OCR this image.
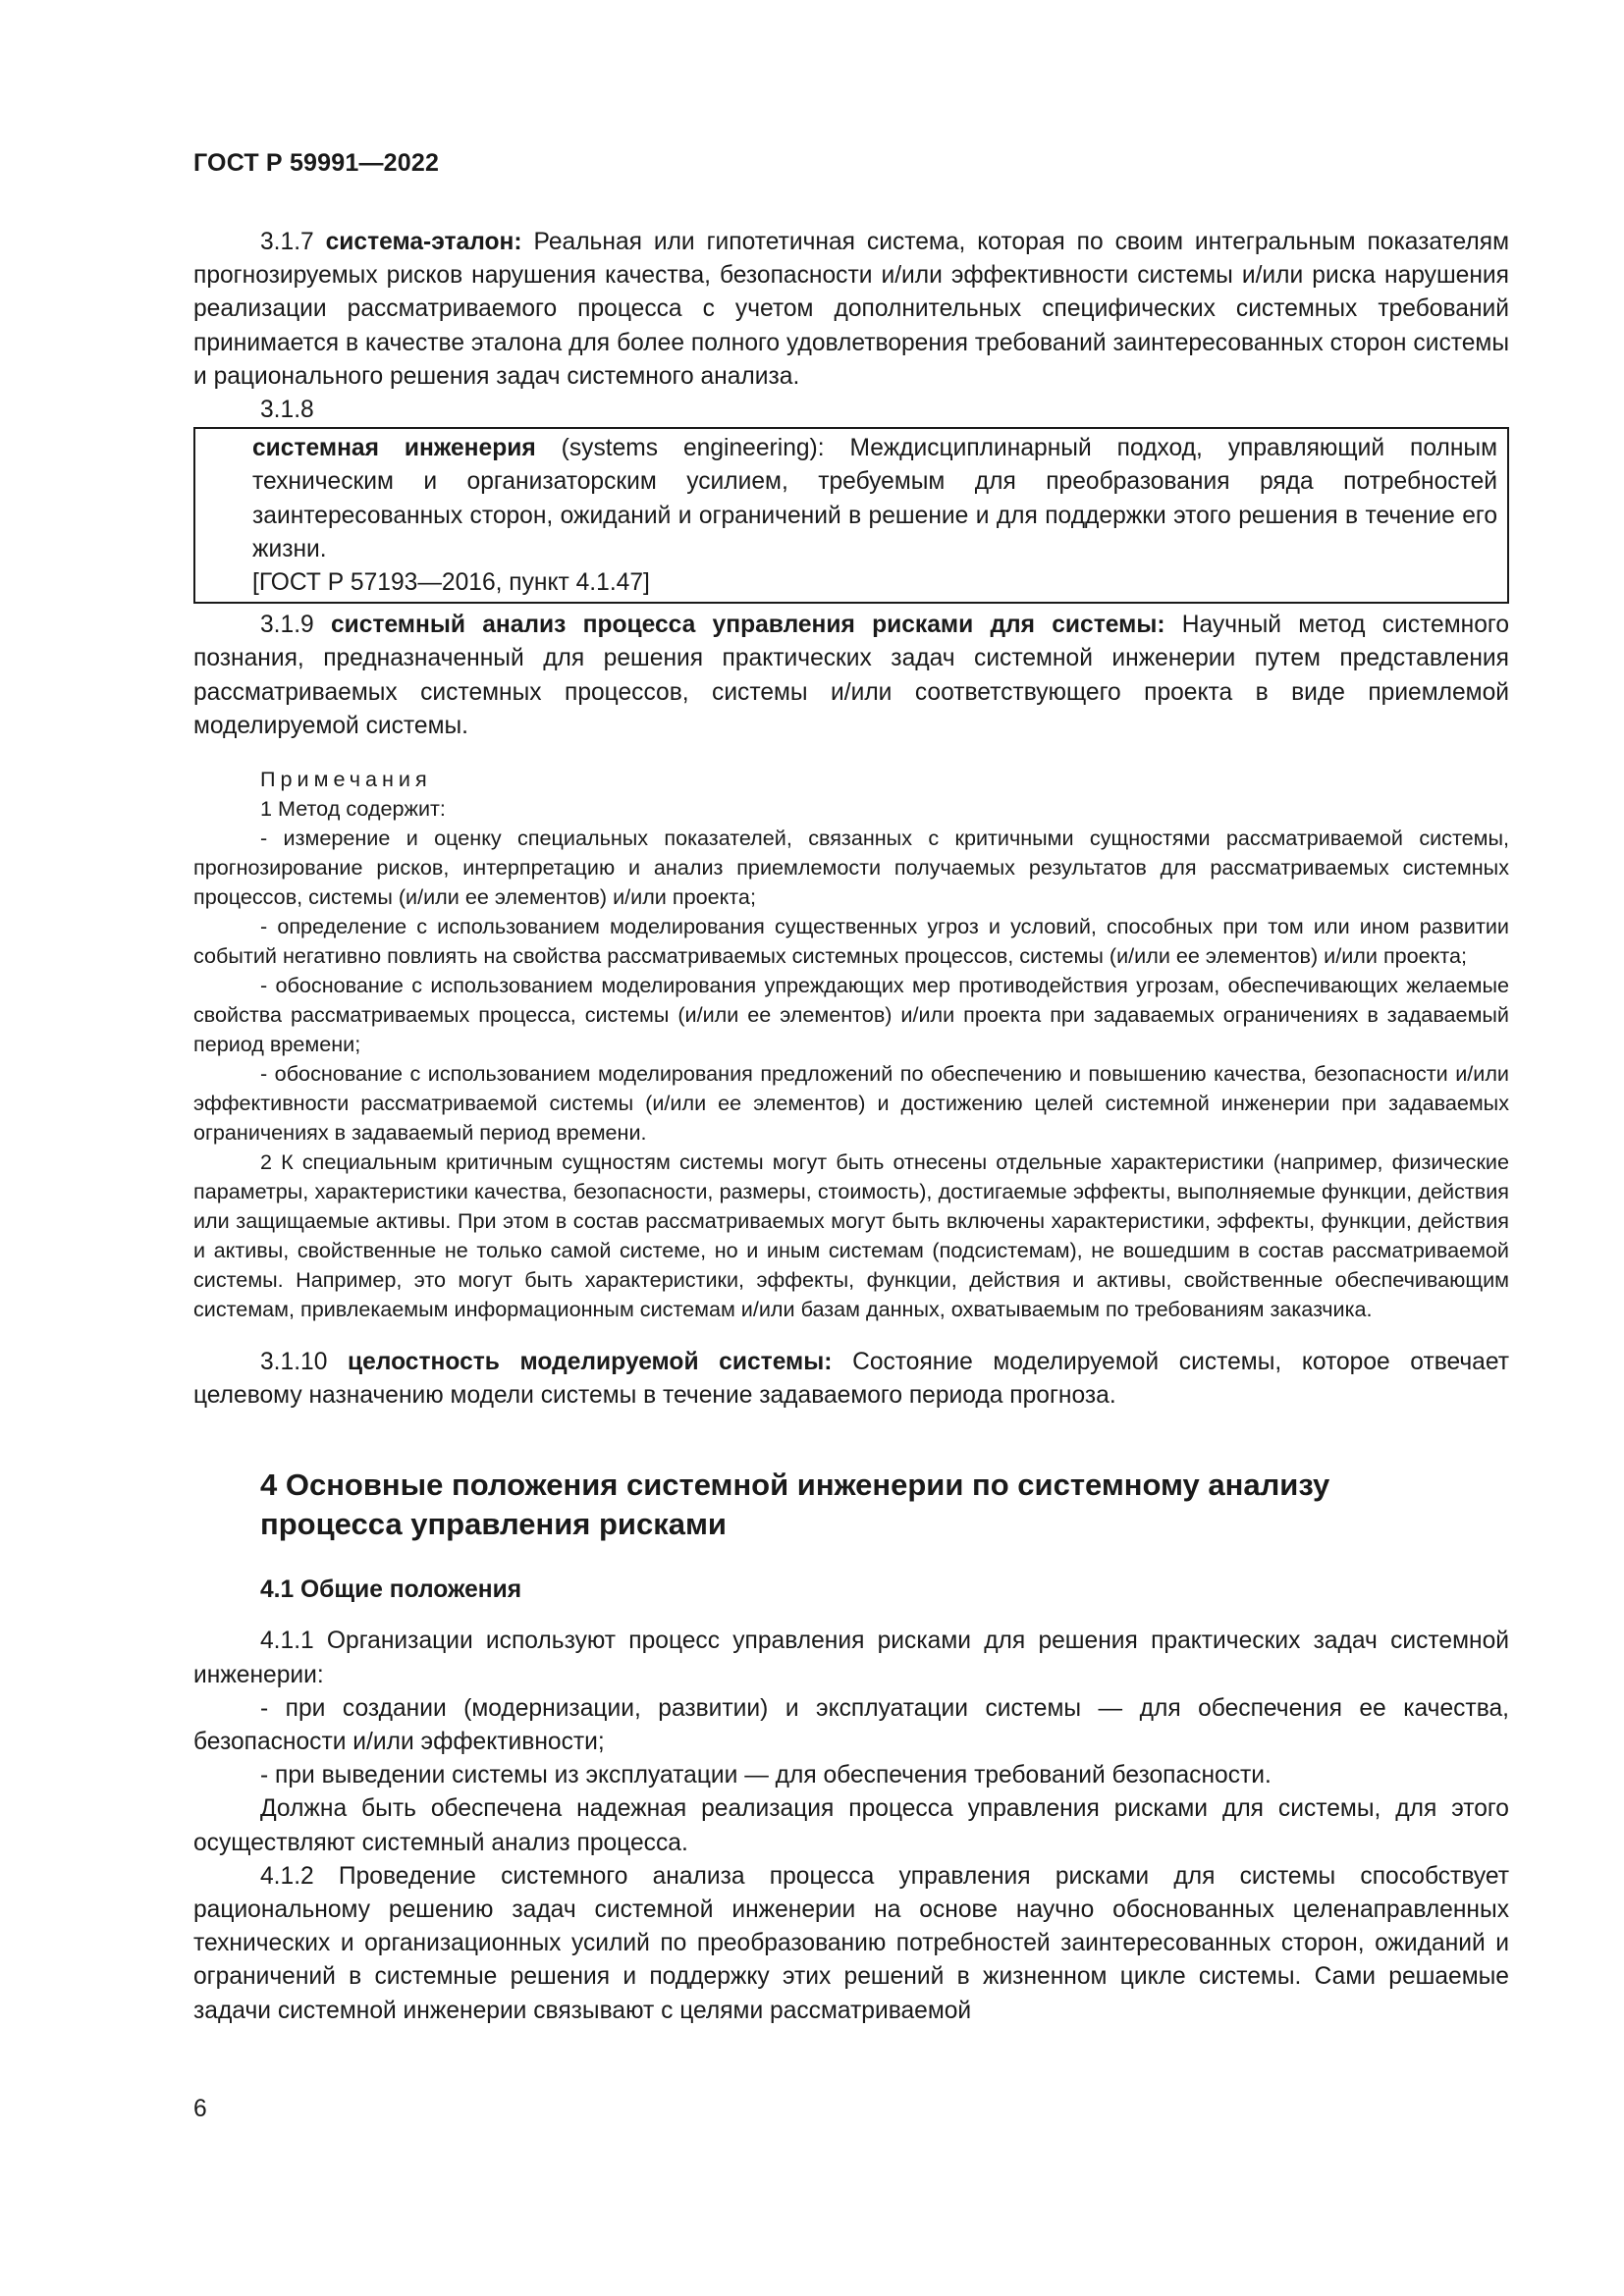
ГОСТ Р 59991—2022

3.1.7 система-эталон: Реальная или гипотетичная система, которая по своим интегральным показателям прогнозируемых рисков нарушения качества, безопасности и/или эффективности системы и/или риска нарушения реализации рассматриваемого процесса с учетом дополнительных специфических системных требований принимается в качестве эталона для более полного удовлетворения требований заинтересованных сторон системы и рационального решения задач системного анализа.

3.1.8

системная инженерия (systems engineering): Междисциплинарный подход, управляющий полным техническим и организаторским усилием, требуемым для преобразования ряда потребностей заинтересованных сторон, ожиданий и ограничений в решение и для поддержки этого решения в течение его жизни.

[ГОСТ Р 57193—2016, пункт 4.1.47]

3.1.9 системный анализ процесса управления рисками для системы: Научный метод системного познания, предназначенный для решения практических задач системной инженерии путем представления рассматриваемых системных процессов, системы и/или соответствующего проекта в виде приемлемой моделируемой системы.

Примечания

1 Метод содержит:

- измерение и оценку специальных показателей, связанных с критичными сущностями рассматриваемой системы, прогнозирование рисков, интерпретацию и анализ приемлемости получаемых результатов для рассматриваемых системных процессов, системы (и/или ее элементов) и/или проекта;

- определение с использованием моделирования существенных угроз и условий, способных при том или ином развитии событий негативно повлиять на свойства рассматриваемых системных процессов, системы (и/или ее элементов) и/или проекта;

- обоснование с использованием моделирования упреждающих мер противодействия угрозам, обеспечивающих желаемые свойства рассматриваемых процесса, системы (и/или ее элементов) и/или проекта при задаваемых ограничениях в задаваемый период времени;

- обоснование с использованием моделирования предложений по обеспечению и повышению качества, безопасности и/или эффективности рассматриваемой системы (и/или ее элементов) и достижению целей системной инженерии при задаваемых ограничениях в задаваемый период времени.

2 К специальным критичным сущностям системы могут быть отнесены отдельные характеристики (например, физические параметры, характеристики качества, безопасности, размеры, стоимость), достигаемые эффекты, выполняемые функции, действия или защищаемые активы. При этом в состав рассматриваемых могут быть включены характеристики, эффекты, функции, действия и активы, свойственные не только самой системе, но и иным системам (подсистемам), не вошедшим в состав рассматриваемой системы. Например, это могут быть характеристики, эффекты, функции, действия и активы, свойственные обеспечивающим системам, привлекаемым информационным системам и/или базам данных, охватываемым по требованиям заказчика.

3.1.10 целостность моделируемой системы: Состояние моделируемой системы, которое отвечает целевому назначению модели системы в течение задаваемого периода прогноза.

4 Основные положения системной инженерии по системному анализу
процесса управления рисками
4.1 Общие положения

4.1.1 Организации используют процесс управления рисками для решения практических задач системной инженерии:

- при создании (модернизации, развитии) и эксплуатации системы — для обеспечения ее качества, безопасности и/или эффективности;

- при выведении системы из эксплуатации — для обеспечения требований безопасности.

Должна быть обеспечена надежная реализация процесса управления рисками для системы, для этого осуществляют системный анализ процесса.

4.1.2 Проведение системного анализа процесса управления рисками для системы способствует рациональному решению задач системной инженерии на основе научно обоснованных целенаправленных технических и организационных усилий по преобразованию потребностей заинтересованных сторон, ожиданий и ограничений в системные решения и поддержку этих решений в жизненном цикле системы. Сами решаемые задачи системной инженерии связывают с целями рассматриваемой

6
